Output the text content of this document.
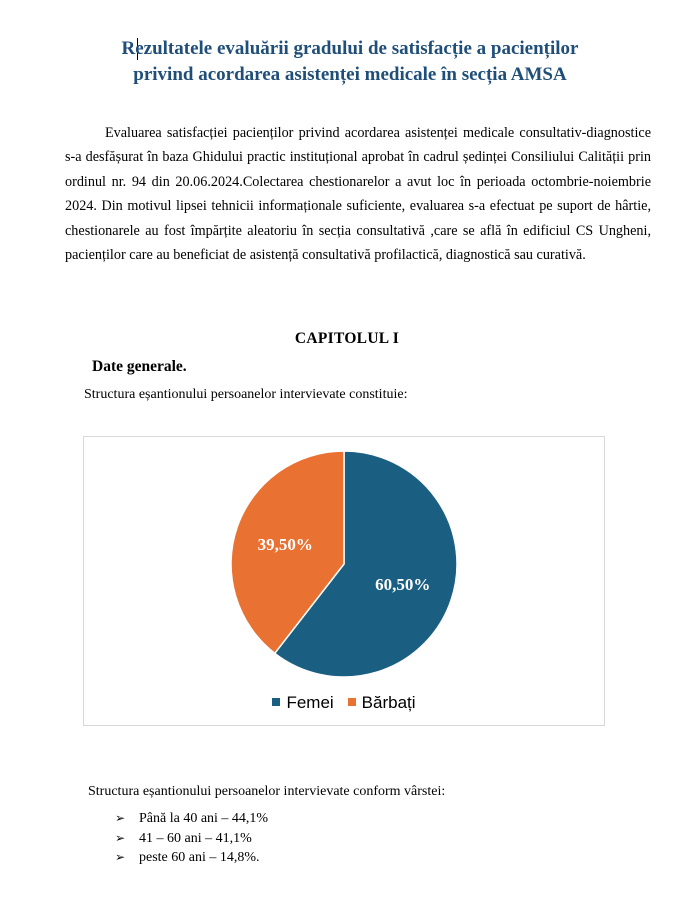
Rezultatele evaluării gradului de satisfacție a pacienților
privind acordarea asistenței medicale în secția AMSA
Evaluarea satisfacției pacienților privind acordarea asistenței medicale consultativ-diagnostice s-a desfășurat în baza Ghidului practic instituțional aprobat în cadrul ședinței Consiliului Calității prin ordinul nr. 94 din 20.06.2024.Colectarea chestionarelor a avut loc în perioada octombrie-noiembrie 2024. Din motivul lipsei tehnicii informaționale suficiente, evaluarea s-a efectuat pe suport de hârtie, chestionarele au fost împărțite aleatoriu în secția consultativă ,care se află în edificiul CS Ungheni, pacienților care au beneficiat de asistență consultativă profilactică, diagnostică sau curativă.
CAPITOLUL I
Date generale.
Structura eșantionului persoanelor intervievate constituie:
60,50%
39,50%
Femei Bărbați
Structura eșantionului persoanelor intervievate conform vârstei:
➢ Până la 40 ani – 44,1%
➢ 41 – 60 ani – 41,1%
➢ peste 60 ani – 14,8%.
